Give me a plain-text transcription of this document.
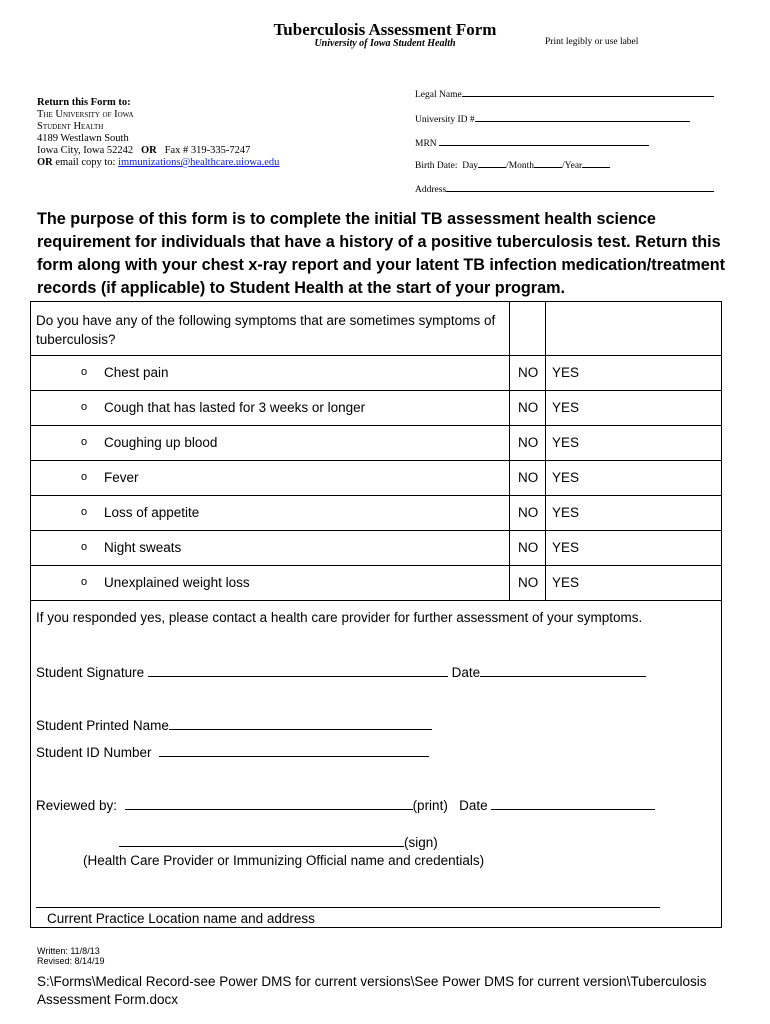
Tuberculosis Assessment Form
University of Iowa Student Health	Print legibly or use label
Return this Form to:
The University of Iowa
Student Health
4189 Westlawn South
Iowa City, Iowa 52242 OR Fax # 319-335-7247
OR email copy to: immunizations@healthcare.uiowa.edu
Legal Name
University ID #
MRN
Birth Date: Day	/Month	/Year
Address
The purpose of this form is to complete the initial TB assessment health science requirement for individuals that have a history of a positive tuberculosis test. Return this form along with your chest x-ray report and your latent TB infection medication/treatment records (if applicable) to Student Health at the start of your program.
Do you have any of the following symptoms that are sometimes symptoms of tuberculosis?
o Chest pain	NO YES
o Cough that has lasted for 3 weeks or longer	NO YES
o Coughing up blood	NO YES
o Fever	NO YES
o Loss of appetite	NO YES
o Night sweats	NO YES
o Unexplained weight loss	NO YES
If you responded yes, please contact a health care provider for further assessment of your symptoms.
Student Signature	Date
Student Printed Name
Student ID Number
Reviewed by:	(print) Date
(sign)
(Health Care Provider or Immunizing Official name and credentials)
Current Practice Location name and address
Written: 11/8/13
Revised: 8/14/19
S:\Forms\Medical Record-see Power DMS for current versions\See Power DMS for current version\Tuberculosis Assessment Form.docx
